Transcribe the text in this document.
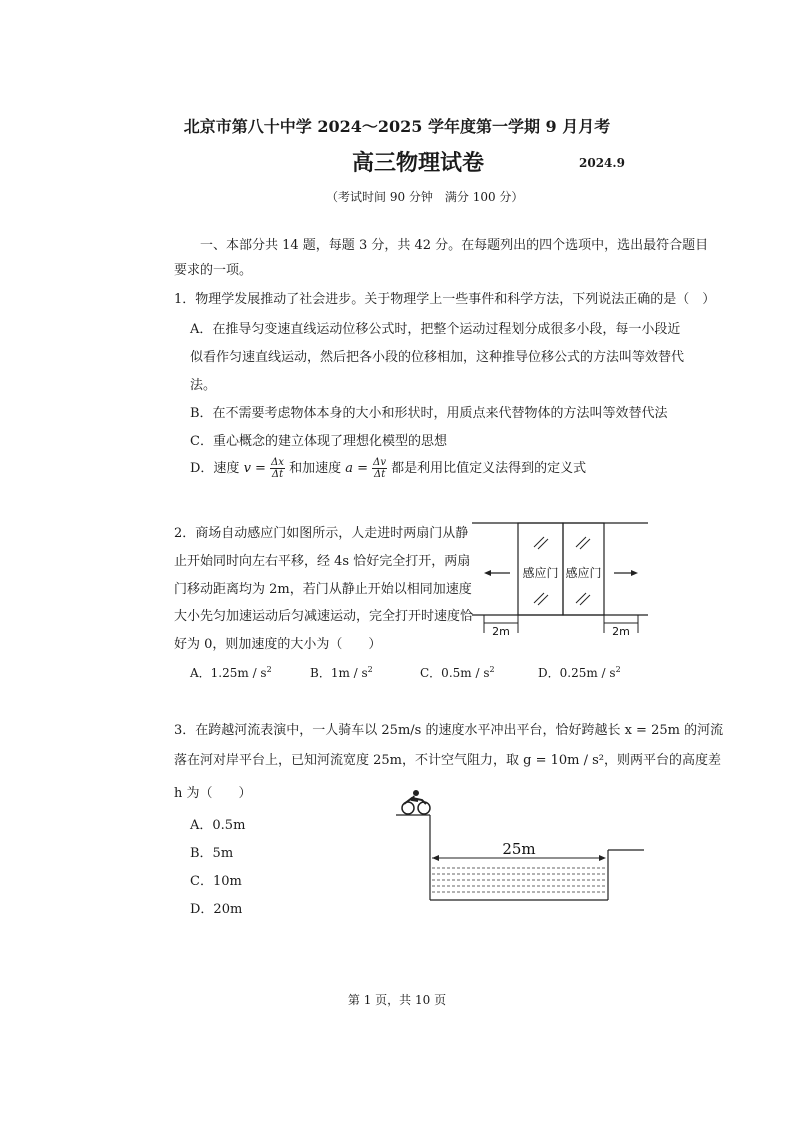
北京市第八十中学 2024～2025 学年度第一学期 9 月月考
高三物理试卷	2024.9
（考试时间 90 分钟　满分 100 分）
一、本部分共 14 题，每题 3 分，共 42 分。在每题列出的四个选项中，选出最符合题目
要求的一项。
1．物理学发展推动了社会进步。关于物理学上一些事件和科学方法，下列说法正确的是（　）
A．在推导匀变速直线运动位移公式时，把整个运动过程划分成很多小段，每一小段近
似看作匀速直线运动，然后把各小段的位移相加，这种推导位移公式的方法叫等效替代
法。
B．在不需要考虑物体本身的大小和形状时，用质点来代替物体的方法叫等效替代法
C．重心概念的建立体现了理想化模型的思想
D．速度 $v = \frac{\Delta x}{\Delta t}$ 和加速度 $a = \frac{\Delta v}{\Delta t}$ 都是利用比值定义法得到的定义式
2．商场自动感应门如图所示，人走进时两扇门从静
止开始同时向左右平移，经 4s 恰好完全打开，两扇
门移动距离均为 2m，若门从静止开始以相同加速度
大小先匀加速运动后匀减速运动，完全打开时速度恰
好为 0，则加速度的大小为（　　）
A．$1.25m / s^2$	B．$1m / s^2$	C．$0.5m / s^2$	D．$0.25m / s^2$
感应门 感应门
2m	2m
3．在跨越河流表演中，一人骑车以 25m/s 的速度水平冲出平台，恰好跨越长 x = 25m 的河流
落在河对岸平台上，已知河流宽度 25m，不计空气阻力，取 g = 10m / s²，则两平台的高度差
h 为（　　）
A．0.5m
B．5m
C．10m
D．20m
25m
第 1 页，共 10 页
